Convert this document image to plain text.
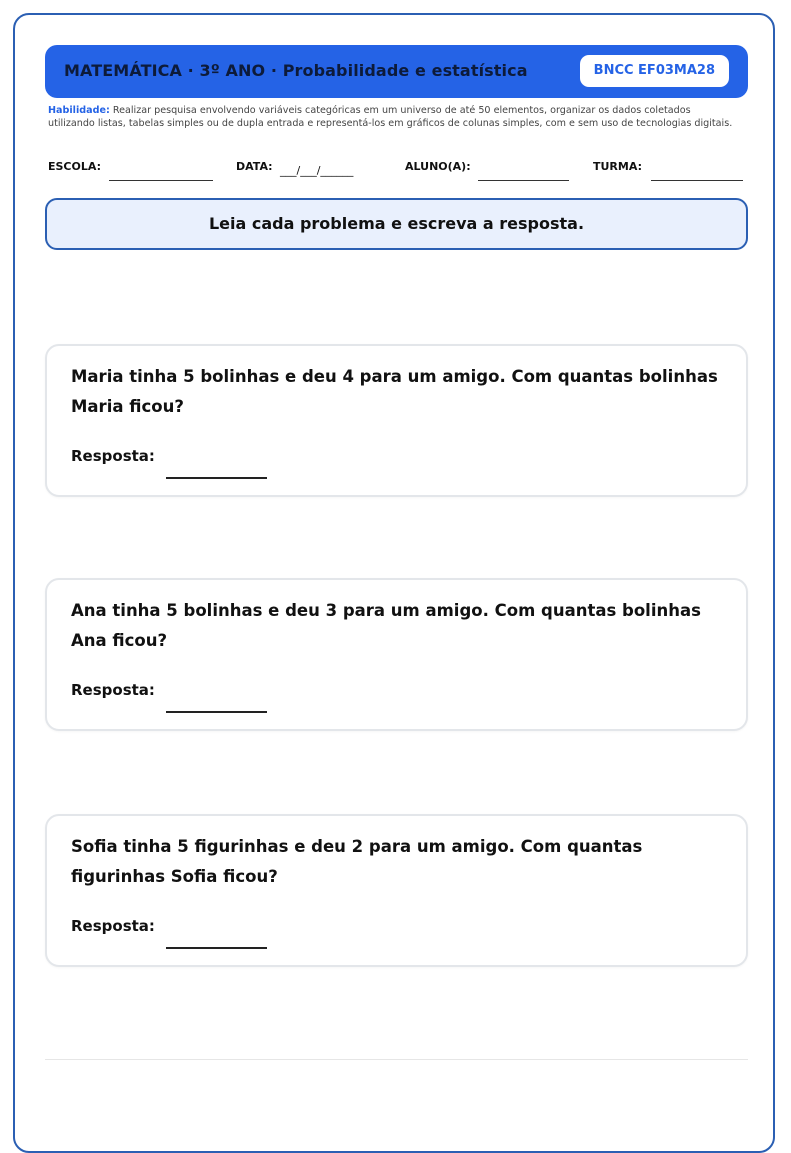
MATEMÁTICA · 3º ANO · Probabilidade e estatística	BNCC EF03MA28
Habilidade: Realizar pesquisa envolvendo variáveis categóricas em um universo de até 50 elementos, organizar os dados coletados utilizando listas, tabelas simples ou de dupla entrada e representá-los em gráficos de colunas simples, com e sem uso de tecnologias digitais.
ESCOLA:	DATA: ___/___/______	ALUNO(A):	TURMA:
Leia cada problema e escreva a resposta.
Maria tinha 5 bolinhas e deu 4 para um amigo. Com quantas bolinhas Maria ficou?
Resposta:
Ana tinha 5 bolinhas e deu 3 para um amigo. Com quantas bolinhas Ana ficou?
Resposta:
Sofia tinha 5 figurinhas e deu 2 para um amigo. Com quantas figurinhas Sofia ficou?
Resposta:
